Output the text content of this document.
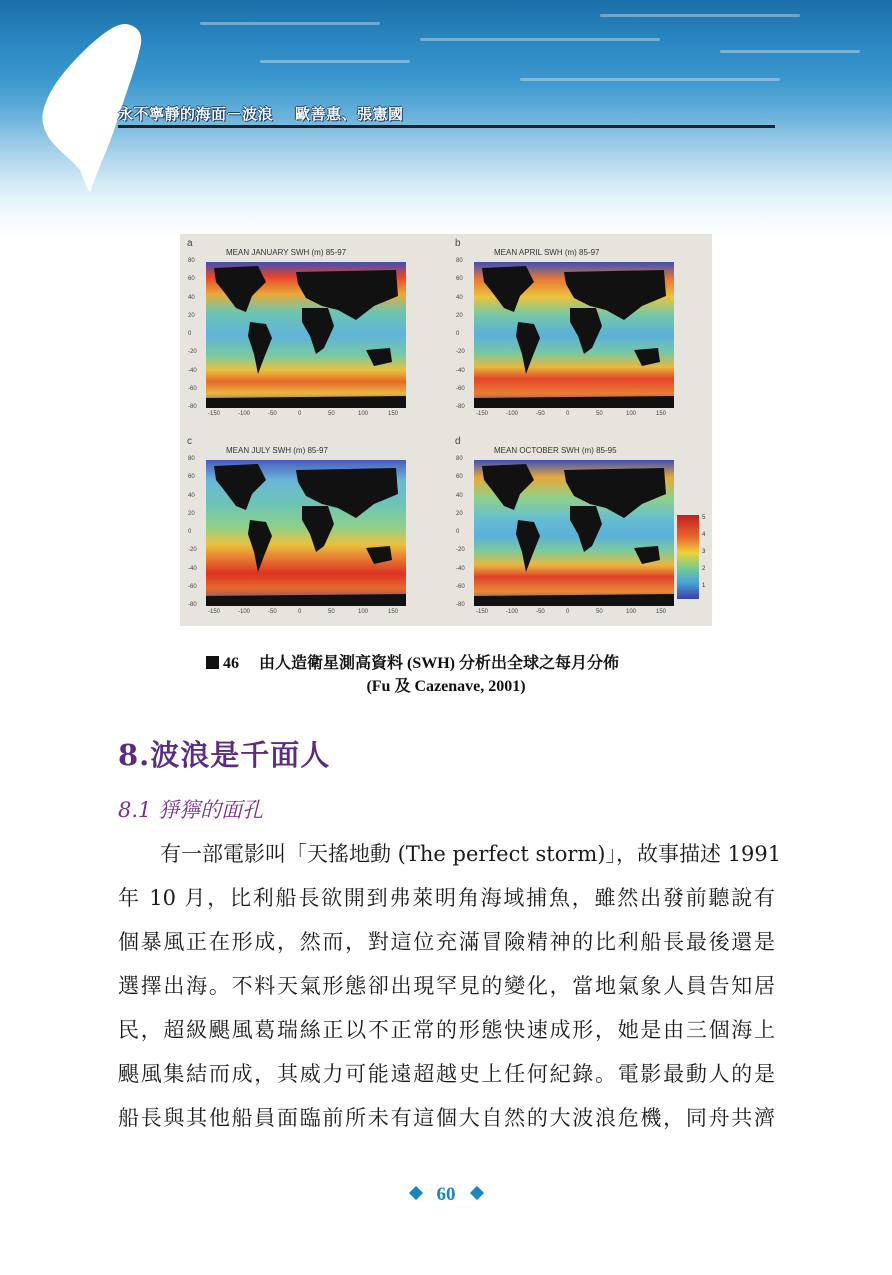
永不寧靜的海面－波浪 歐善惠、張憲國
a
MEAN JANUARY SWH (m) 85-97
80
60
40
20
0
-20
-40
-60
-80
-150	-100	-50	0	50	100	150
b
MEAN APRIL SWH (m) 85-97
80
60
40
20
0
-20
-40
-60
-80
-150	-100	-50	0	50	100	150
c
MEAN JULY SWH (m) 85-97
80
60
40
20
0
-20
-40
-60
-80
-150	-100	-50	0	50	100	150
d
MEAN OCTOBER SWH (m) 85-95
80
60
40
20
0
-20
-40
-60
-80
-150	-100	-50	0	50	100	150
5
4
3
2
1
46 由人造衛星測高資料 (SWH) 分析出全球之每月分佈
(Fu 及 Cazenave, 2001)
8.波浪是千面人
8.1 猙獰的面孔
有一部電影叫「天搖地動 (The perfect storm)」，故事描述 1991
年 10 月，比利船長欲開到弗萊明角海域捕魚，雖然出發前聽說有
個暴風正在形成，然而，對這位充滿冒險精神的比利船長最後還是
選擇出海。不料天氣形態卻出現罕見的變化，當地氣象人員告知居
民，超級颶風葛瑞絲正以不正常的形態快速成形，她是由三個海上
颶風集結而成，其威力可能遠超越史上任何紀錄。電影最動人的是
船長與其他船員面臨前所未有這個大自然的大波浪危機，同舟共濟
60
